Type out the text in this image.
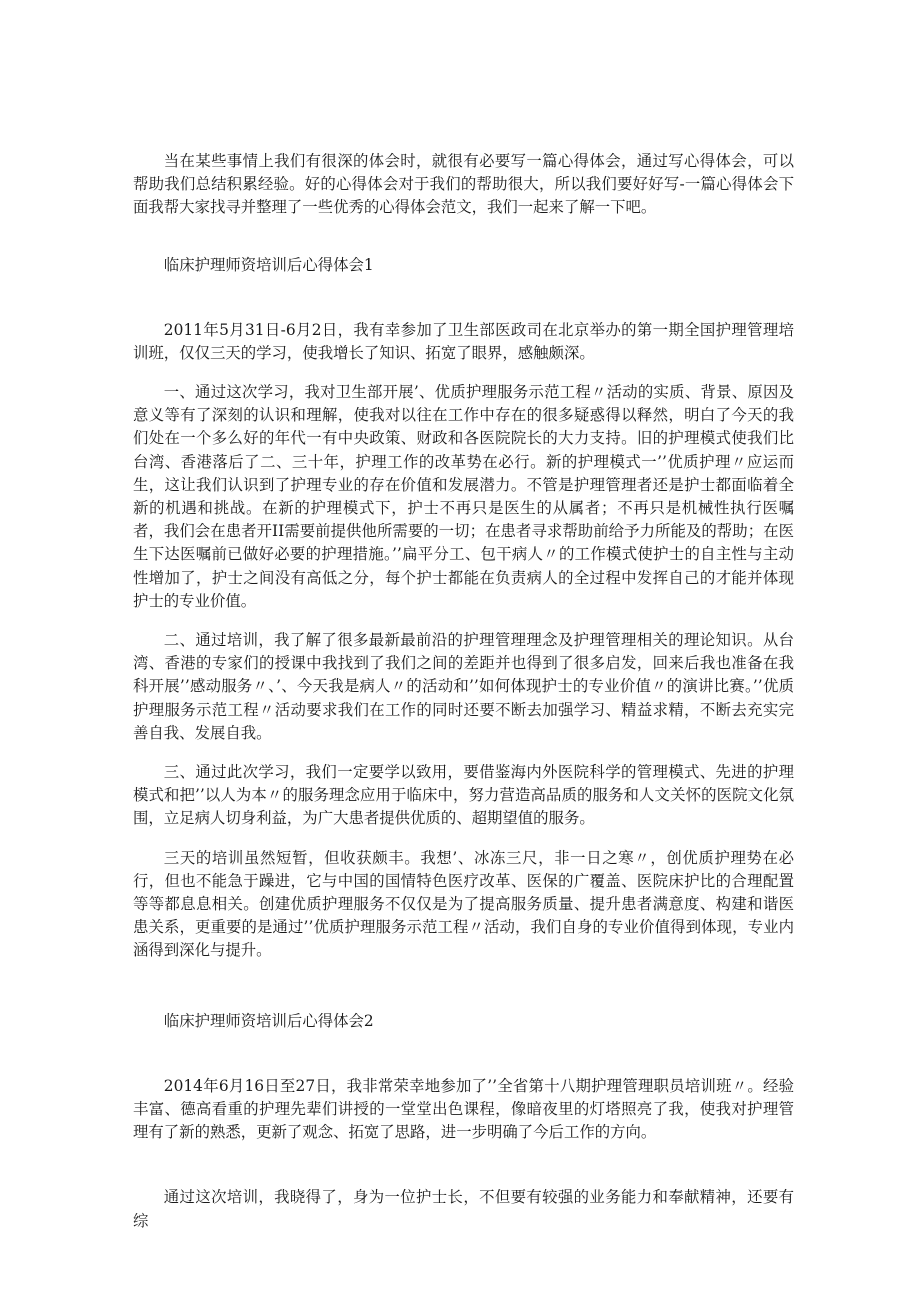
当在某些事情上我们有很深的体会时，就很有必要写一篇心得体会，通过写心得体会，可以帮助我们总结积累经验。好的心得体会对于我们的帮助很大，所以我们要好好写-一篇心得体会下面我帮大家找寻并整理了一些优秀的心得体会范文，我们一起来了解一下吧。

临床护理师资培训后心得体会1

2011年5月31日-6月2日，我有幸参加了卫生部医政司在北京举办的第一期全国护理管理培训班，仅仅三天的学习，使我增长了知识、拓宽了眼界，感触颇深。

一、通过这次学习，我对卫生部开展’、优质护理服务示范工程〃活动的实质、背景、原因及意义等有了深刻的认识和理解，使我对以往在工作中存在的很多疑惑得以释然，明白了今天的我们处在一个多么好的年代一有中央政策、财政和各医院院长的大力支持。旧的护理模式使我们比台湾、香港落后了二、三十年，护理工作的改革势在必行。新的护理模式一’’优质护理〃应运而生，这让我们认识到了护理专业的存在价值和发展潜力。不管是护理管理者还是护士都面临着全新的机遇和挑战。在新的护理模式下，护士不再只是医生的从属者；不再只是机械性执行医嘱者，我们会在患者开II需要前提供他所需要的一切；在患者寻求帮助前给予力所能及的帮助；在医生下达医嘱前已做好必要的护理措施。’’扁平分工、包干病人〃的工作模式使护士的自主性与主动性增加了，护士之间没有高低之分，每个护士都能在负责病人的全过程中发挥自己的才能并体现护士的专业价值。

二、通过培训，我了解了很多最新最前沿的护理管理理念及护理管理相关的理论知识。从台湾、香港的专家们的授课中我找到了我们之间的差距并也得到了很多启发，回来后我也准备在我科开展’’感动服务〃、’、今天我是病人〃的活动和’’如何体现护士的专业价值〃的演讲比赛。’’优质护理服务示范工程〃活动要求我们在工作的同时还要不断去加强学习、精益求精，不断去充实完善自我、发展自我。

三、通过此次学习，我们一定要学以致用，要借鉴海内外医院科学的管理模式、先进的护理模式和把’’以人为本〃的服务理念应用于临床中，努力营造高品质的服务和人文关怀的医院文化氛围，立足病人切身利益，为广大患者提供优质的、超期望值的服务。

三天的培训虽然短暂，但收获颇丰。我想’、冰冻三尺，非一日之寒〃，创优质护理势在必行，但也不能急于躁进，它与中国的国情特色医疗改革、医保的广覆盖、医院床护比的合理配置等等都息息相关。创建优质护理服务不仅仅是为了提高服务质量、提升患者满意度、构建和谐医患关系，更重要的是通过’’优质护理服务示范工程〃活动，我们自身的专业价值得到体现，专业内涵得到深化与提升。

临床护理师资培训后心得体会2

2014年6月16日至27日，我非常荣幸地参加了’’全省第十八期护理管理职员培训班〃。经验丰富、德高看重的护理先辈们讲授的一堂堂出色课程，像暗夜里的灯塔照亮了我，使我对护理管理有了新的熟悉，更新了观念、拓宽了思路，进一步明确了今后工作的方向。

通过这次培训，我晓得了，身为一位护士长，不但要有较强的业务能力和奉献精神，还要有综
